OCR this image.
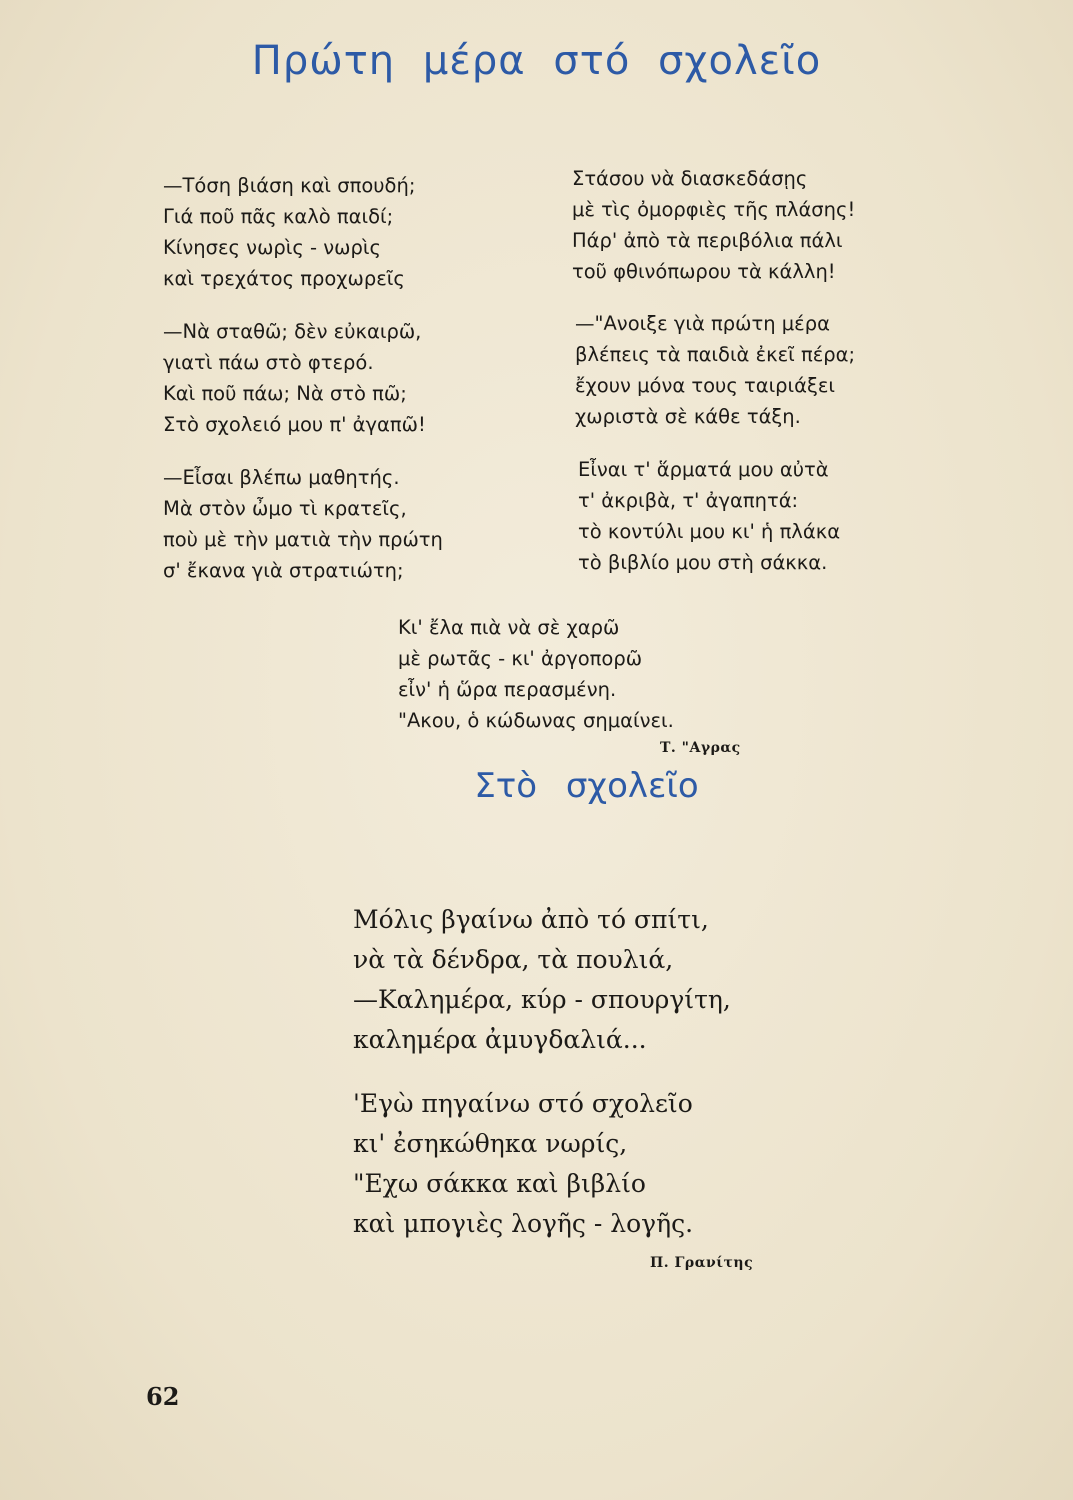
Πρώτη μέρα στό σχολεῖο
—Τόση βιάση καὶ σπουδή;
Γιά ποῦ πᾶς καλὸ παιδί;
Κίνησες νωρὶς - νωρὶς
καὶ τρεχάτος προχωρεῖς
—Νὰ σταθῶ; δὲν εὐκαιρῶ,
γιατὶ πάω στὸ φτερό.
Καὶ ποῦ πάω; Νὰ στὸ πῶ;
Στὸ σχολειό μου π' ἀγαπῶ!
—Εἶσαι βλέπω μαθητής.
Μὰ στὸν ὦμο τὶ κρατεῖς,
ποὺ μὲ τὴν ματιὰ τὴν πρώτη
σ' ἔκανα γιὰ στρατιώτη;
Στάσου νὰ διασκεδάσῃς
μὲ τὶς ὀμορφιὲς τῆς πλάσης!
Πάρ' ἀπὸ τὰ περιβόλια πάλι
τοῦ φθινόπωρου τὰ κάλλη!
—"Ανοιξε γιὰ πρώτη μέρα
βλέπεις τὰ παιδιὰ ἐκεῖ πέρα;
ἔχουν μόνα τους ταιριάξει
χωριστὰ σὲ κάθε τάξη.
Εἶναι τ' ἅρματά μου αὐτὰ
τ' ἀκριβὰ, τ' ἀγαπητά:
τὸ κοντύλι μου κι' ἡ πλάκα
τὸ βιβλίο μου στὴ σάκκα.
Κι' ἔλα πιὰ νὰ σὲ χαρῶ
μὲ ρωτᾶς - κι' ἀργοπορῶ
εἶν' ἡ ὥρα περασμένη.
"Ακου, ὁ κώδωνας σημαίνει.
Τ. "Αγρας
Στὸ σχολεῖο
Μόλις βγαίνω ἀπὸ τό σπίτι,
νὰ τὰ δένδρα, τὰ πουλιά,
—Καλημέρα, κύρ - σπουργίτη,
καλημέρα ἀμυγδαλιά...
'Εγὼ πηγαίνω στό σχολεῖο
κι' ἐσηκώθηκα νωρίς,
"Εχω σάκκα καὶ βιβλίο
καὶ μπογιὲς λογῆς - λογῆς.
Π. Γρανίτης
62
